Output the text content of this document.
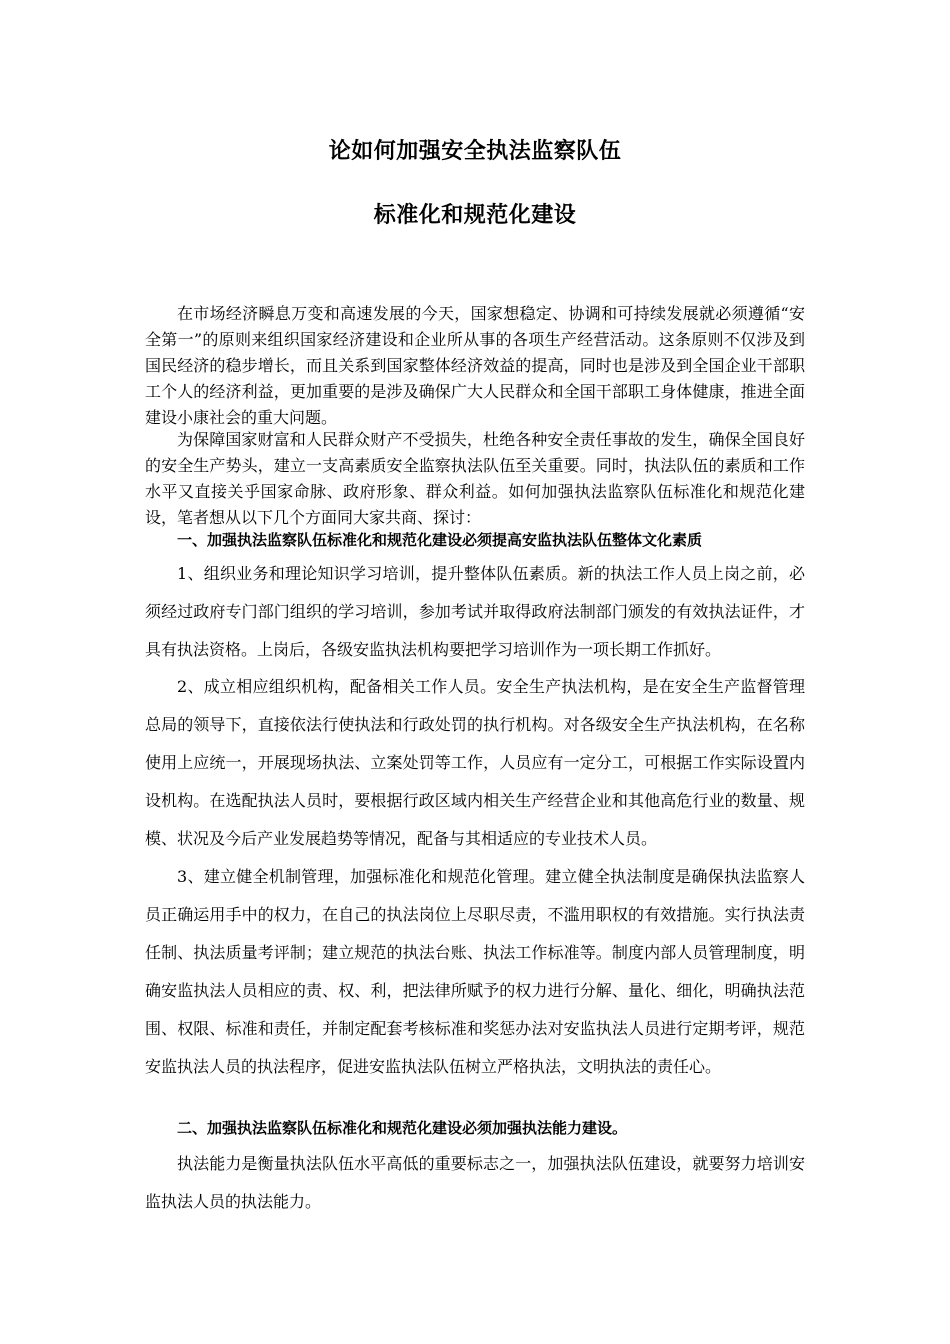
论如何加强安全执法监察队伍
标准化和规范化建设

在市场经济瞬息万变和高速发展的今天，国家想稳定、协调和可持续发展就必须遵循“安全第一”的原则来组织国家经济建设和企业所从事的各项生产经营活动。这条原则不仅涉及到国民经济的稳步增长，而且关系到国家整体经济效益的提高，同时也是涉及到全国企业干部职工个人的经济利益，更加重要的是涉及确保广大人民群众和全国干部职工身体健康，推进全面建设小康社会的重大问题。

为保障国家财富和人民群众财产不受损失，杜绝各种安全责任事故的发生，确保全国良好的安全生产势头，建立一支高素质安全监察执法队伍至关重要。同时，执法队伍的素质和工作水平又直接关乎国家命脉、政府形象、群众利益。如何加强执法监察队伍标准化和规范化建设，笔者想从以下几个方面同大家共商、探讨：

一、加强执法监察队伍标准化和规范化建设必须提高安监执法队伍整体文化素质

1、组织业务和理论知识学习培训，提升整体队伍素质。新的执法工作人员上岗之前，必须经过政府专门部门组织的学习培训，参加考试并取得政府法制部门颁发的有效执法证件，才具有执法资格。上岗后，各级安监执法机构要把学习培训作为一项长期工作抓好。

2、成立相应组织机构，配备相关工作人员。安全生产执法机构，是在安全生产监督管理总局的领导下，直接依法行使执法和行政处罚的执行机构。对各级安全生产执法机构，在名称使用上应统一，开展现场执法、立案处罚等工作，人员应有一定分工，可根据工作实际设置内设机构。在选配执法人员时，要根据行政区域内相关生产经营企业和其他高危行业的数量、规模、状况及今后产业发展趋势等情况，配备与其相适应的专业技术人员。

3、建立健全机制管理，加强标准化和规范化管理。建立健全执法制度是确保执法监察人员正确运用手中的权力，在自己的执法岗位上尽职尽责，不滥用职权的有效措施。实行执法责任制、执法质量考评制；建立规范的执法台账、执法工作标准等。制度内部人员管理制度，明确安监执法人员相应的责、权、利，把法律所赋予的权力进行分解、量化、细化，明确执法范围、权限、标准和责任，并制定配套考核标准和奖惩办法对安监执法人员进行定期考评，规范安监执法人员的执法程序，促进安监执法队伍树立严格执法，文明执法的责任心。

二、加强执法监察队伍标准化和规范化建设必须加强执法能力建设。

执法能力是衡量执法队伍水平高低的重要标志之一，加强执法队伍建设，就要努力培训安监执法人员的执法能力。
